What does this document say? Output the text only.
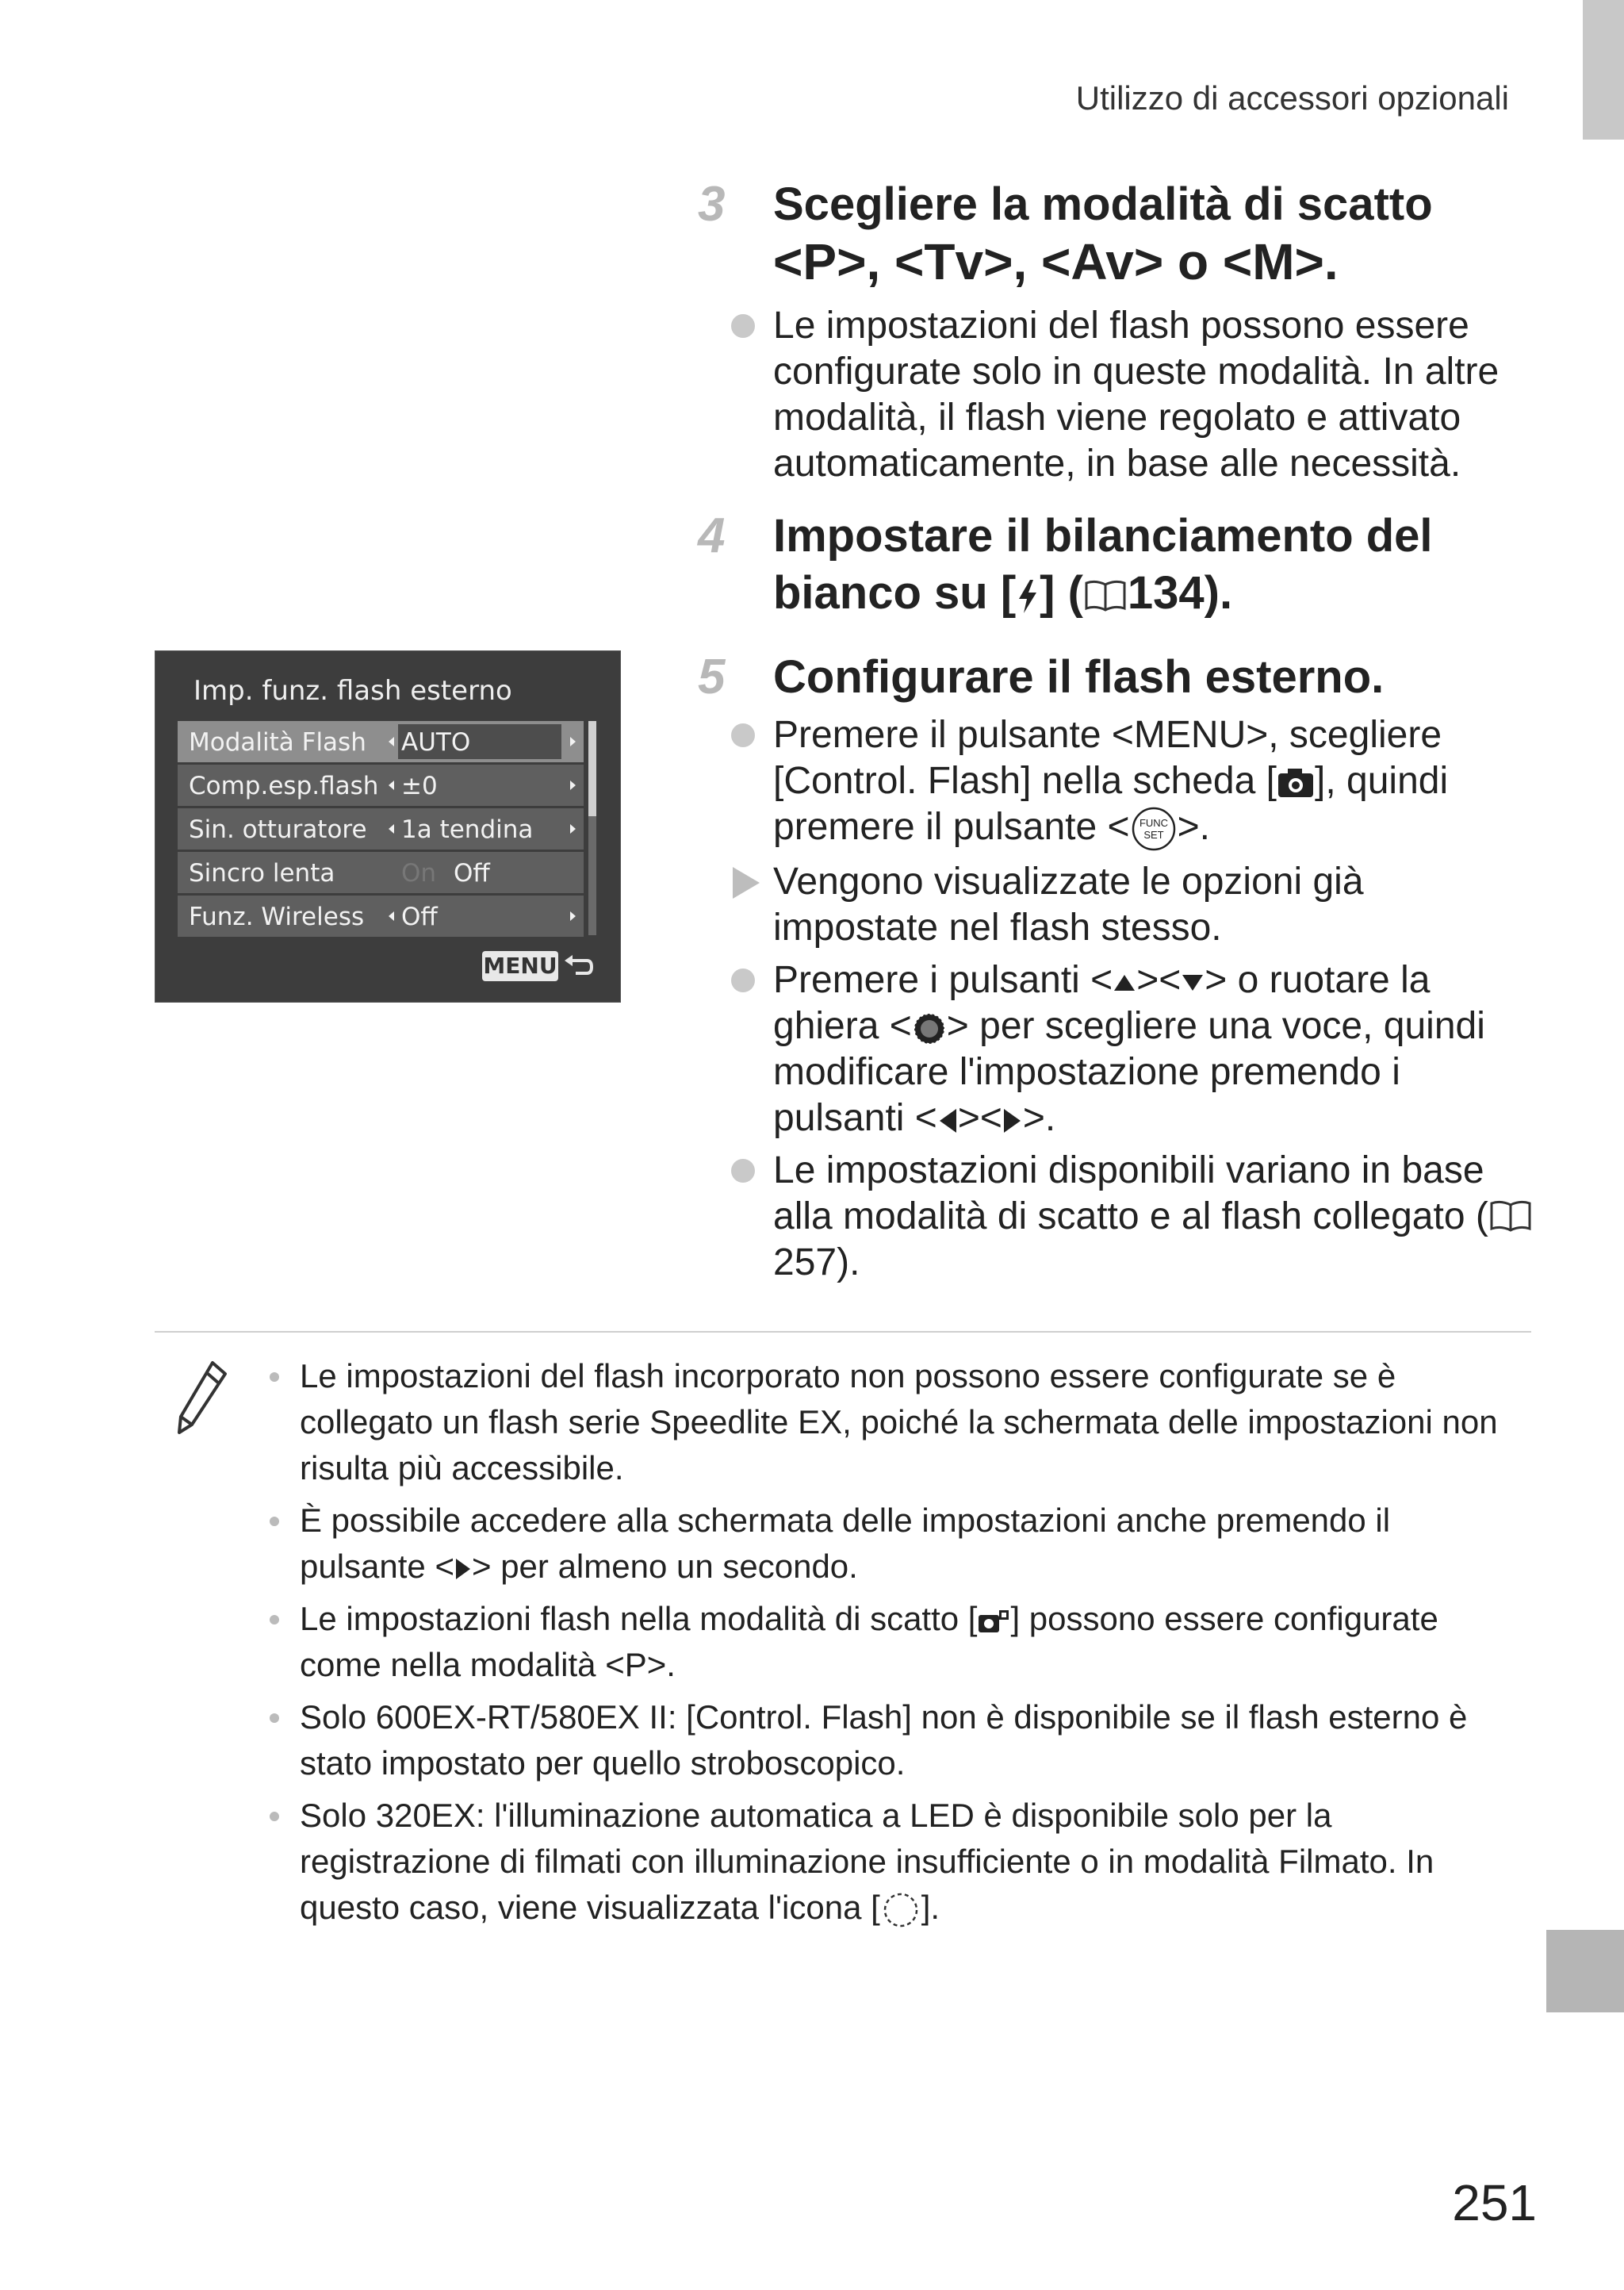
Utilizzo di accessori opzionali
3	Scegliere la modalità di scatto
<P>, <Tv>, <Av> o <M>.
Le impostazioni del flash possono essere configurate solo in queste modalità. In altre modalità, il flash viene regolato e attivato automaticamente, in base alle necessità.
4	Impostare il bilanciamento del
bianco su [ ] ( 134).
Imp. funz. flash esterno
Modalità Flash AUTO
Comp.esp.flash ±0
Sin. otturatore 1a tendina
Sincro lenta	On Off
Funz. Wireless Off
MENU
5	Configurare il flash esterno.
Premere il pulsante <MENU>, scegliere [Control. Flash] nella scheda [ ], quindi premere il pulsante < FUNC
SET >.
Vengono visualizzate le opzioni già impostate nel flash stesso.
Premere i pulsanti < >< > o ruotare la ghiera < > per scegliere una voce, quindi modificare l'impostazione premendo i pulsanti < >< >.
Le impostazioni disponibili variano in base alla modalità di scatto e al flash collegato (257).
Le impostazioni del flash incorporato non possono essere configurate se è collegato un flash serie Speedlite EX, poiché la schermata delle impostazioni non risulta più accessibile.
È possibile accedere alla schermata delle impostazioni anche premendo il pulsante < > per almeno un secondo.
Le impostazioni flash nella modalità di scatto [ ] possono essere configurate come nella modalità <P>.
Solo 600EX-RT/580EX II: [Control. Flash] non è disponibile se il flash esterno è stato impostato per quello stroboscopico.
Solo 320EX: l'illuminazione automatica a LED è disponibile solo per la registrazione di filmati con illuminazione insufficiente o in modalità Filmato. In questo caso, viene visualizzata l'icona [ ].
251
